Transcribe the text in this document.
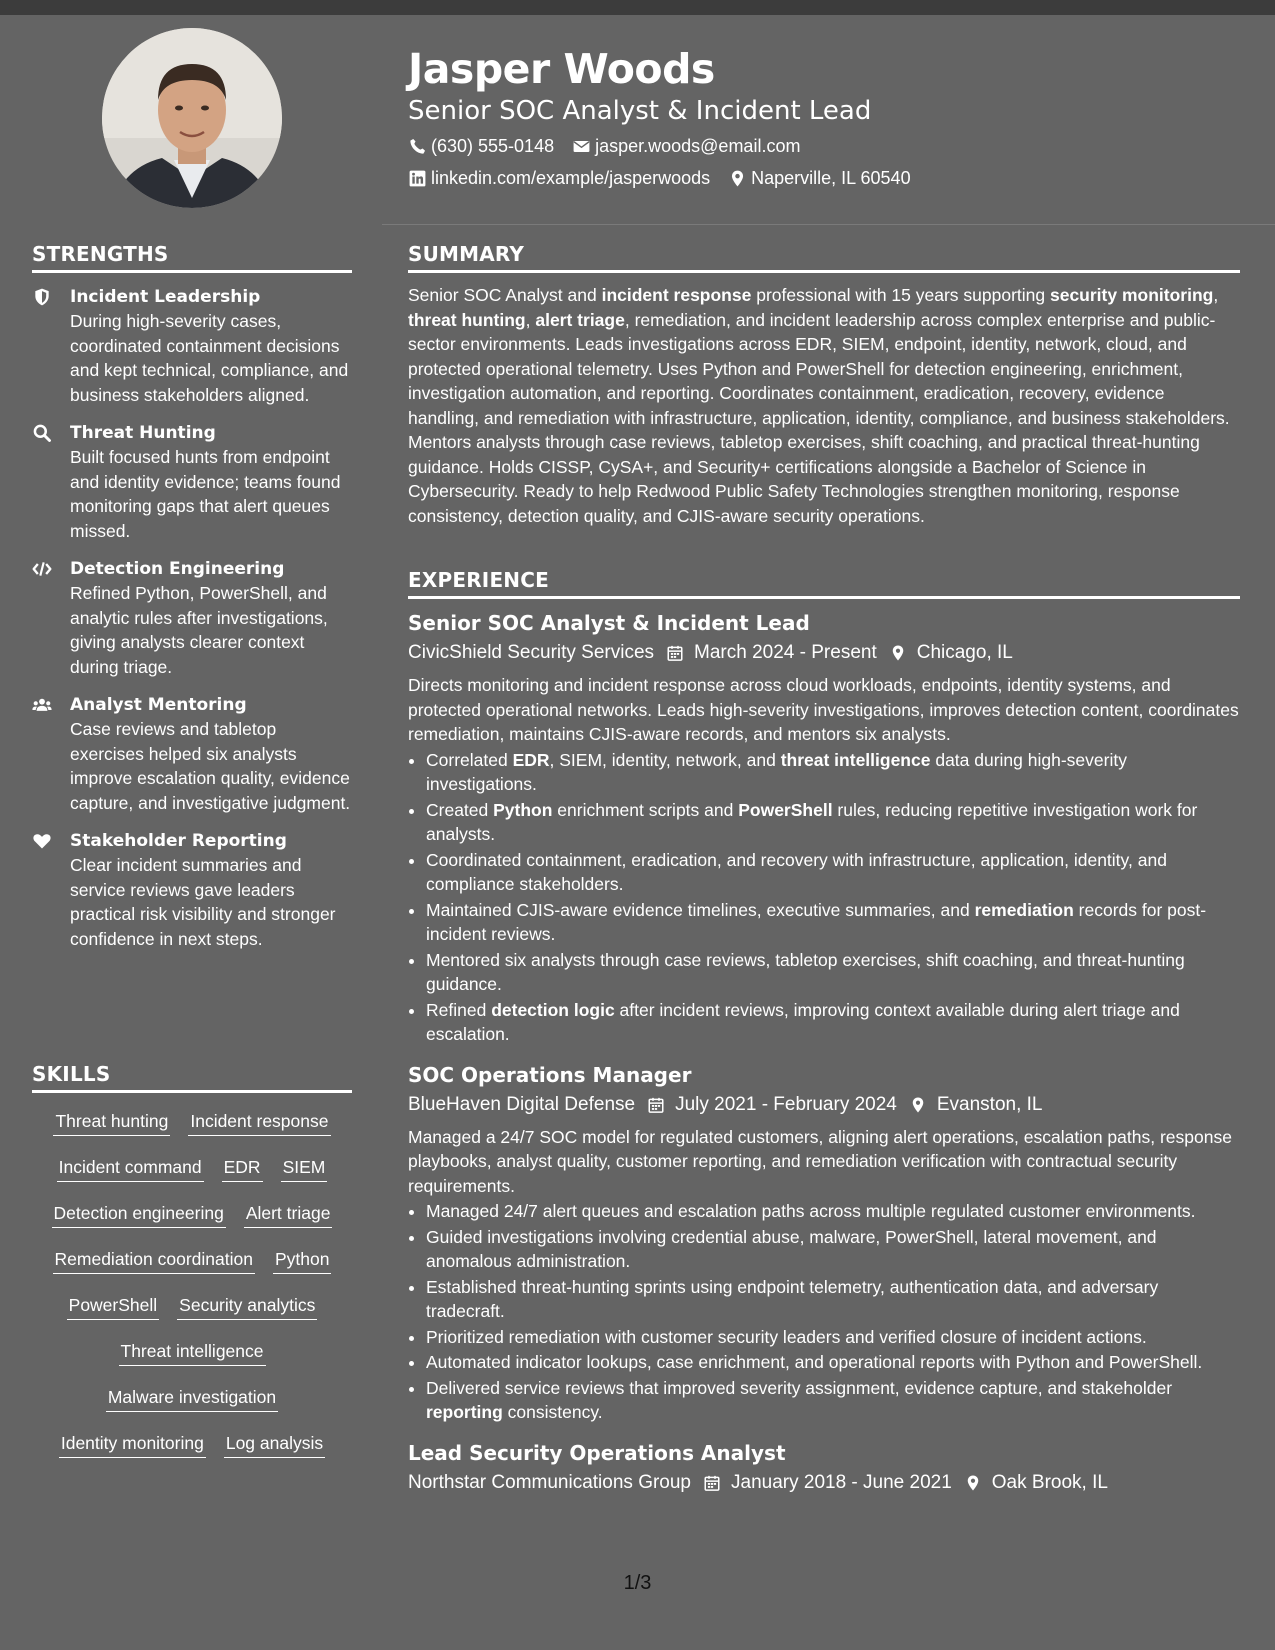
STRENGTHS
Incident Leadership
During high-severity cases, coordinated containment decisions and kept technical, compliance, and business stakeholders aligned.
Threat Hunting
Built focused hunts from endpoint and identity evidence; teams found monitoring gaps that alert queues missed.
Detection Engineering
Refined Python, PowerShell, and analytic rules after investigations, giving analysts clearer context during triage.
Analyst Mentoring
Case reviews and tabletop exercises helped six analysts improve escalation quality, evidence capture, and investigative judgment.
Stakeholder Reporting
Clear incident summaries and service reviews gave leaders practical risk visibility and stronger confidence in next steps.
SKILLS
Threat hunting Incident response
Incident command EDR SIEM
Detection engineering Alert triage
Remediation coordination Python
PowerShell Security analytics
Threat intelligence
Malware investigation
Identity monitoring Log analysis
Jasper Woods
Senior SOC Analyst & Incident Lead
(630) 555-0148 jasper.woods@email.com
linkedin.com/example/jasperwoods Naperville, IL 60540
SUMMARY
Senior SOC Analyst and incident response professional with 15 years supporting security monitoring, threat hunting, alert triage, remediation, and incident leadership across complex enterprise and public-sector environments. Leads investigations across EDR, SIEM, endpoint, identity, network, cloud, and protected operational telemetry. Uses Python and PowerShell for detection engineering, enrichment, investigation automation, and reporting. Coordinates containment, eradication, recovery, evidence handling, and remediation with infrastructure, application, identity, compliance, and business stakeholders. Mentors analysts through case reviews, tabletop exercises, shift coaching, and practical threat-hunting guidance. Holds CISSP, CySA+, and Security+ certifications alongside a Bachelor of Science in Cybersecurity. Ready to help Redwood Public Safety Technologies strengthen monitoring, response consistency, detection quality, and CJIS-aware security operations.
EXPERIENCE
Senior SOC Analyst & Incident Lead
CivicShield Security Services March 2024 - Present Chicago, IL
Directs monitoring and incident response across cloud workloads, endpoints, identity systems, and protected operational networks. Leads high-severity investigations, improves detection content, coordinates remediation, maintains CJIS-aware records, and mentors six analysts.
• Correlated EDR, SIEM, identity, network, and threat intelligence data during high-severity investigations.
• Created Python enrichment scripts and PowerShell rules, reducing repetitive investigation work for analysts.
• Coordinated containment, eradication, and recovery with infrastructure, application, identity, and compliance stakeholders.
• Maintained CJIS-aware evidence timelines, executive summaries, and remediation records for post-incident reviews.
• Mentored six analysts through case reviews, tabletop exercises, shift coaching, and threat-hunting guidance.
• Refined detection logic after incident reviews, improving context available during alert triage and escalation.
SOC Operations Manager
BlueHaven Digital Defense July 2021 - February 2024 Evanston, IL
Managed a 24/7 SOC model for regulated customers, aligning alert operations, escalation paths, response playbooks, analyst quality, customer reporting, and remediation verification with contractual security requirements.
• Managed 24/7 alert queues and escalation paths across multiple regulated customer environments.
• Guided investigations involving credential abuse, malware, PowerShell, lateral movement, and anomalous administration.
• Established threat-hunting sprints using endpoint telemetry, authentication data, and adversary tradecraft.
• Prioritized remediation with customer security leaders and verified closure of incident actions.
• Automated indicator lookups, case enrichment, and operational reports with Python and PowerShell.
• Delivered service reviews that improved severity assignment, evidence capture, and stakeholder reporting consistency.
Lead Security Operations Analyst
Northstar Communications Group January 2018 - June 2021 Oak Brook, IL
1/3
